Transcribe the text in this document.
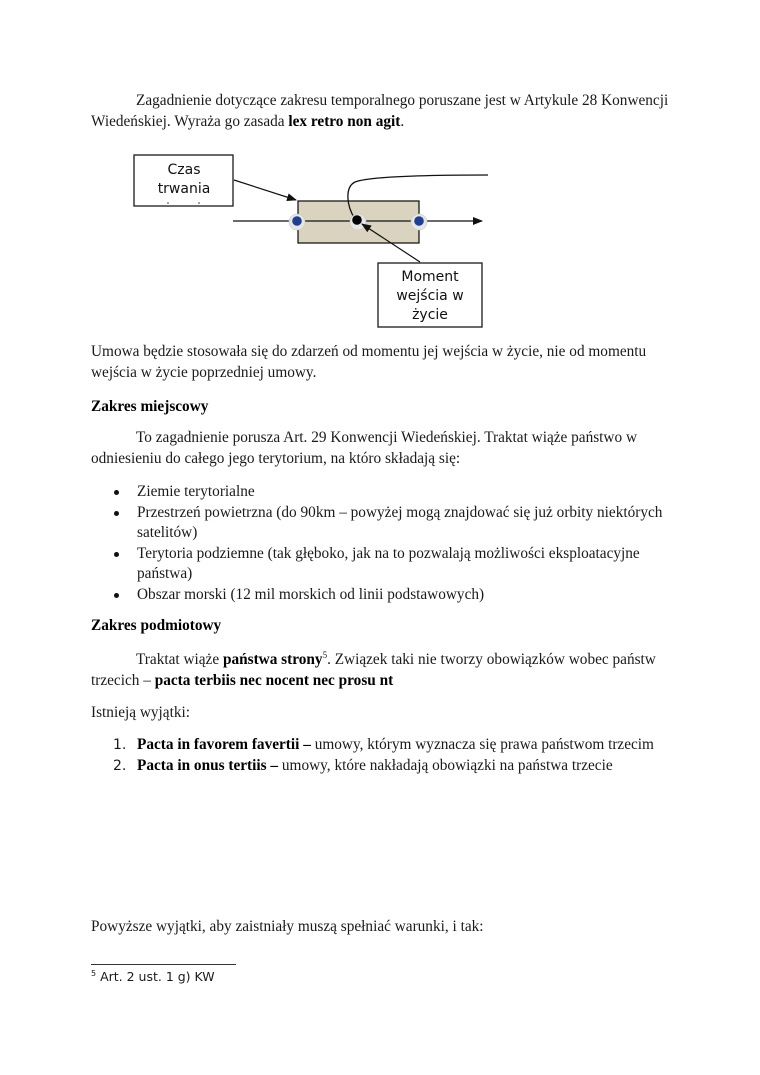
Zagadnienie dotyczące zakresu temporalnego poruszane jest w Artykule 28 Konwencji Wiedeńskiej. Wyraża go zasada lex retro non agit.

Czas
trwania
Moment
wejścia w
życie

Umowa będzie stosowała się do zdarzeń od momentu jej wejścia w życie, nie od momentu wejścia w życie poprzedniej umowy.

Zakres miejscowy

To zagadnienie porusza Art. 29 Konwencji Wiedeńskiej. Traktat wiąże państwo w odniesieniu do całego jego terytorium, na którο składają się:

Ziemie terytorialne
Przestrzeń powietrzna (do 90km – powyżej mogą znajdować się już orbity niektórych satelitów)
Terytoria podziemne (tak głęboko, jak na to pozwalają możliwości eksploatacyjne państwa)
Obszar morski (12 mil morskich od linii podstawowych)

Zakres podmiotowy

Traktat wiąże państwa strony$^5$. Związek taki nie tworzy obowiązków wobec państw trzecich – pacta terbiis nec nocent nec prosu nt

Istnieją wyjątki:

1. Pacta in favorem favertii – umowy, którym wyznacza się prawa państwom trzecim
2. Pacta in onus tertiis – umowy, które nakładają obowiązki na państwa trzecie

Powyższe wyjątki, aby zaistniały muszą spełniać warunki, i tak:

$^5$ Art. 2 ust. 1 g) KW
